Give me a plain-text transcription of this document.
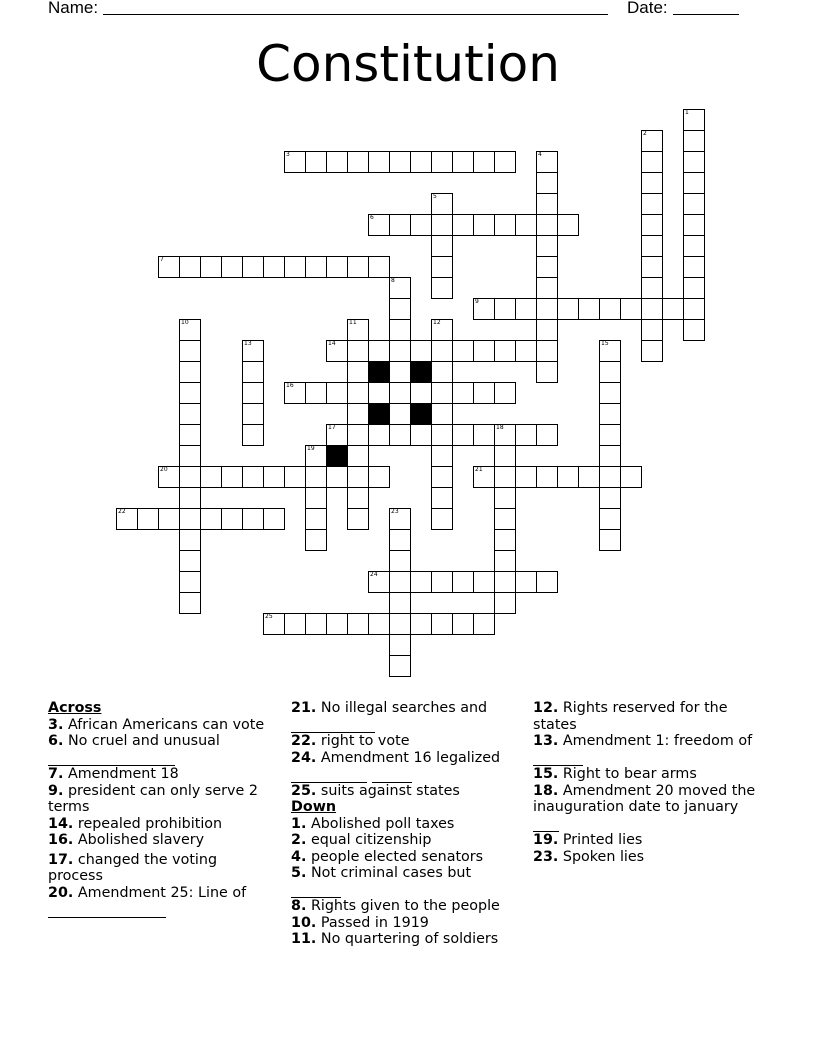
Name:	Date:
Constitution
1
2
3	4
5
6
7
8
9
10	11	12
13	14	15
16
17	18
19
20	21
22	23
24
25
Across

3. African Americans can vote

6. No cruel and unusual

7. Amendment 18

9. president can only serve 2 terms

14. repealed prohibition

16. Abolished slavery

17. changed the voting process

20. Amendment 25: Line of

21. No illegal searches and

22. right to vote

24. Amendment 16 legalized

25. suits against states

Down

1. Abolished poll taxes

2. equal citizenship

4. people elected senators

5. Not criminal cases but

8. Rights given to the people

10. Passed in 1919

11. No quartering of soldiers

12. Rights reserved for the states

13. Amendment 1: freedom of

15. Right to bear arms

18. Amendment 20 moved the inauguration date to january

19. Printed lies

23. Spoken lies
